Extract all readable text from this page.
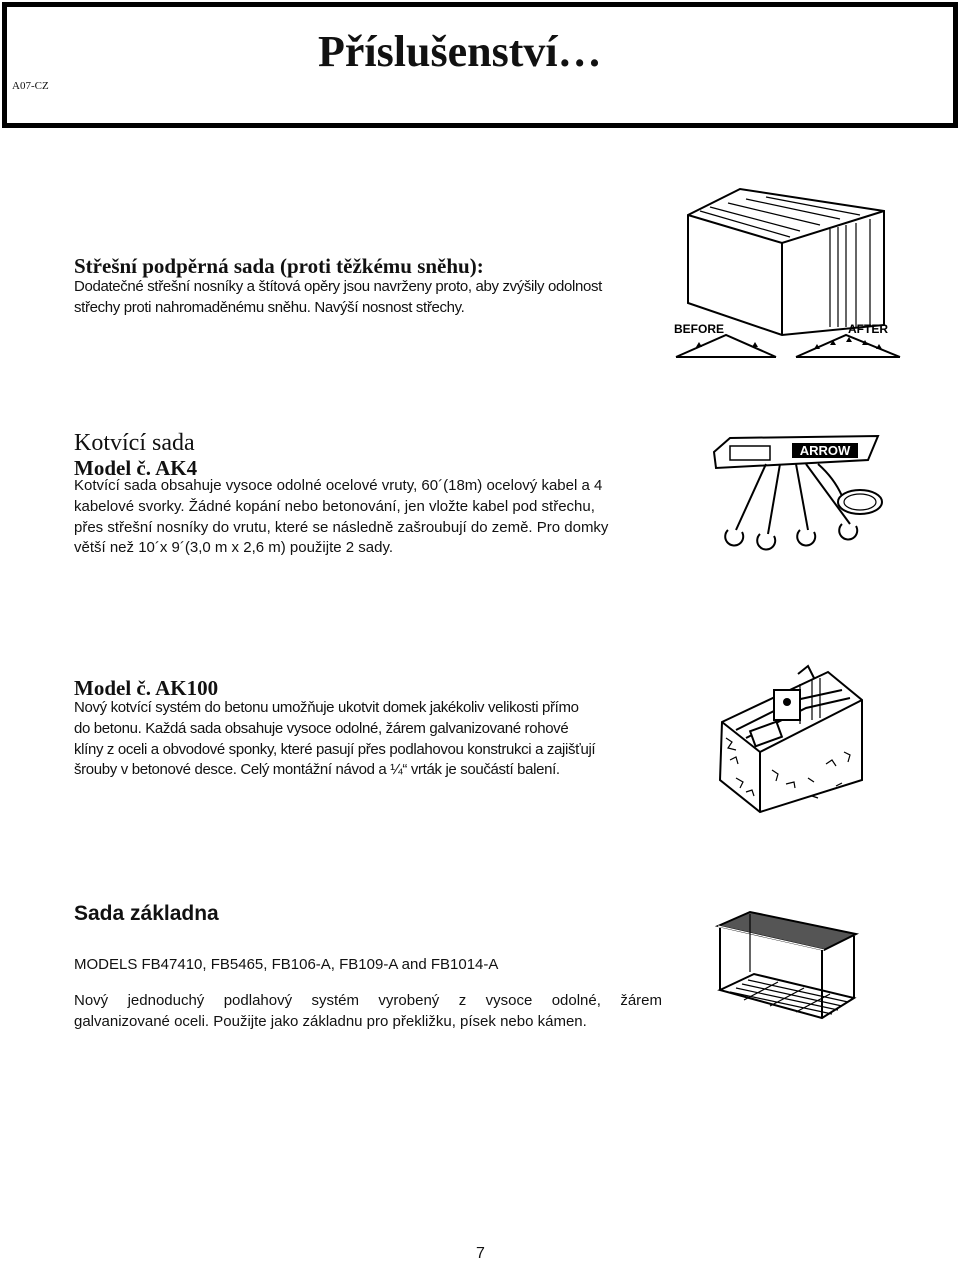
A07-CZ
Příslušenství…
Střešní podpěrná sada (proti těžkému sněhu):
Dodatečné střešní nosníky a štítová opěry jsou navrženy proto, aby zvýšily odolnost
střechy proti nahromaděnému sněhu. Navýší nosnost střechy.
BEFORE	AFTER
Kotvící sada
Model č. AK4
Kotvící sada obsahuje vysoce odolné ocelové vruty, 60´(18m) ocelový kabel a 4
kabelové svorky. Žádné kopání nebo betonování, jen vložte kabel pod střechu,
přes střešní nosníky do vrutu, které se následně zašroubují do země. Pro domky
větší než 10´x 9´(3,0 m x 2,6 m) použijte 2 sady.
ARROW
Model č. AK100
Nový kotvící systém do betonu umožňuje ukotvit domek jakékoliv velikosti přímo
do betonu. Každá sada obsahuje vysoce odolné, žárem galvanizované rohové
klíny z oceli a obvodové sponky, které pasují přes podlahovou konstrukci a zajišťují
šrouby v betonové desce. Celý montážní návod a ¼“ vrták je součástí balení.
Sada základna
MODELS FB47410, FB5465, FB106-A, FB109-A and FB1014-A
Nový jednoduchý podlahový systém vyrobený z vysoce odolné, žárem
galvanizované oceli. Použijte jako základnu pro překližku, písek nebo kámen.
7
